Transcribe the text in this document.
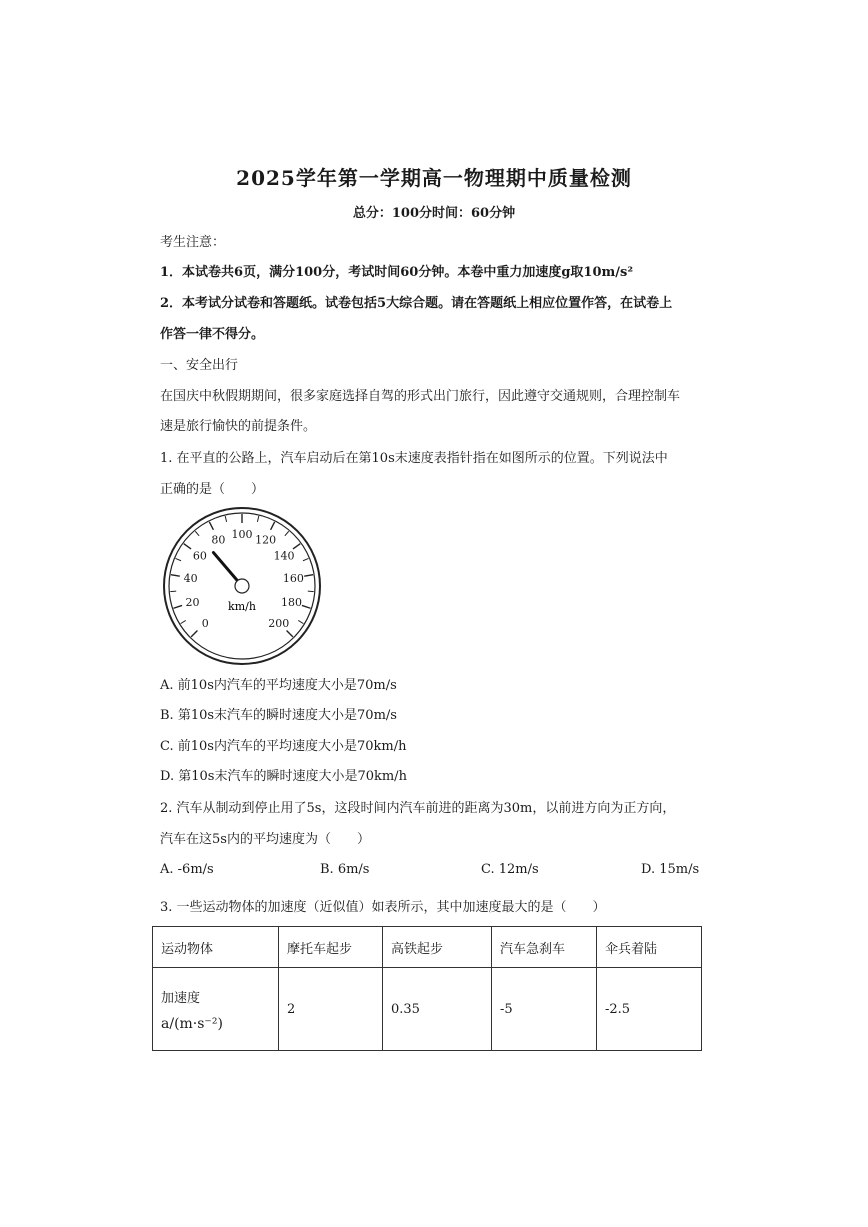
2025学年第一学期高一物理期中质量检测
总分：100分时间：60分钟
考生注意：
1．本试卷共6页，满分100分，考试时间60分钟。本卷中重力加速度g取10m/s²
2．本考试分试卷和答题纸。试卷包括5大综合题。请在答题纸上相应位置作答，在试卷上
作答一律不得分。
一、安全出行
在国庆中秋假期期间，很多家庭选择自驾的形式出门旅行，因此遵守交通规则，合理控制车
速是旅行愉快的前提条件。
1. 在平直的公路上，汽车启动后在第10s末速度表指针指在如图所示的位置。下列说法中
正确的是（　　）
0
20
40
60
80 100 120
140
160
180
200
km/h
A. 前10s内汽车的平均速度大小是70m/s
B. 第10s末汽车的瞬时速度大小是70m/s
C. 前10s内汽车的平均速度大小是70km/h
D. 第10s末汽车的瞬时速度大小是70km/h
2. 汽车从制动到停止用了5s，这段时间内汽车前进的距离为30m，以前进方向为正方向，
汽车在这5s内的平均速度为（　　）
A. -6m/s	B. 6m/s	C. 12m/s	D. 15m/s
3. 一些运动物体的加速度（近似值）如表所示，其中加速度最大的是（　　）
运动物体	摩托车起步	高铁起步	汽车急刹车	伞兵着陆
加速度
a/(m·s⁻²)	2	0.35	-5	-2.5
